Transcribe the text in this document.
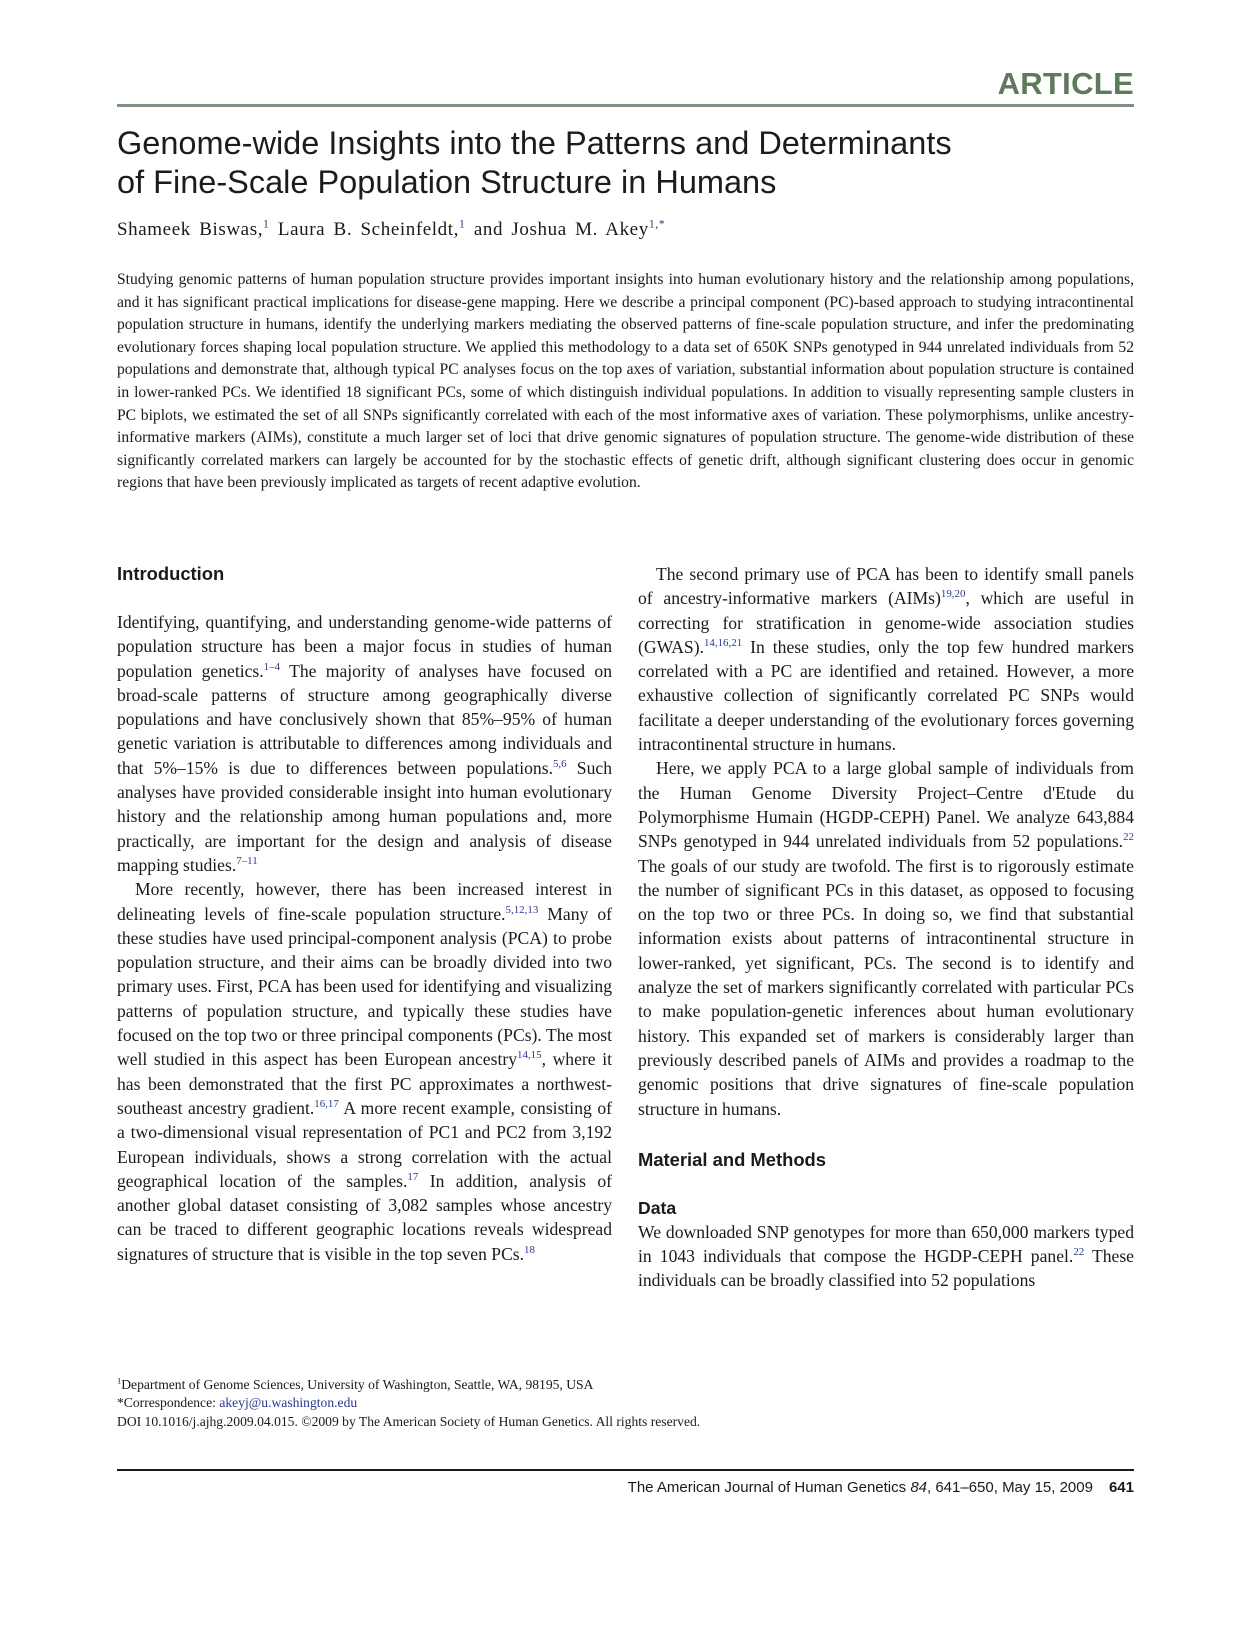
ARTICLE
Genome-wide Insights into the Patterns and Determinants
of Fine-Scale Population Structure in Humans
Shameek Biswas,$^1$ Laura B. Scheinfeldt,$^1$ and Joshua M. Akey$^{1,*}$
Studying genomic patterns of human population structure provides important insights into human evolutionary history and the relationship among populations, and it has significant practical implications for disease-gene mapping. Here we describe a principal component (PC)-based approach to studying intracontinental population structure in humans, identify the underlying markers mediating the observed patterns of fine-scale population structure, and infer the predominating evolutionary forces shaping local population structure. We applied this methodology to a data set of 650K SNPs genotyped in 944 unrelated individuals from 52 populations and demonstrate that, although typical PC analyses focus on the top axes of variation, substantial information about population structure is contained in lower-ranked PCs. We identified 18 significant PCs, some of which distinguish individual populations. In addition to visually representing sample clusters in PC biplots, we estimated the set of all SNPs significantly correlated with each of the most informative axes of variation. These polymorphisms, unlike ancestry-informative markers (AIMs), constitute a much larger set of loci that drive genomic signatures of population structure. The genome-wide distribution of these significantly correlated markers can largely be accounted for by the stochastic effects of genetic drift, although significant clustering does occur in genomic regions that have been previously implicated as targets of recent adaptive evolution.
Introduction

Identifying, quantifying, and understanding genome-wide patterns of population structure has been a major focus in studies of human population genetics.$^{1-4}$ The majority of analyses have focused on broad-scale patterns of structure among geographically diverse populations and have conclusively shown that 85%–95% of human genetic variation is attributable to differences among individuals and that 5%–15% is due to differences between populations.$^{5,6}$ Such analyses have provided considerable insight into human evolutionary history and the relationship among human populations and, more practically, are important for the design and analysis of disease mapping studies.$^{7-11}$

More recently, however, there has been increased interest in delineating levels of fine-scale population structure.$^{5,12,13}$ Many of these studies have used principal-component analysis (PCA) to probe population structure, and their aims can be broadly divided into two primary uses. First, PCA has been used for identifying and visualizing patterns of population structure, and typically these studies have focused on the top two or three principal components (PCs). The most well studied in this aspect has been European ancestry$^{14,15}$, where it has been demonstrated that the first PC approximates a northwest-southeast ancestry gradient.$^{16,17}$ A more recent example, consisting of a two-dimensional visual representation of PC1 and PC2 from 3,192 European individuals, shows a strong correlation with the actual geographical location of the samples.$^{17}$ In addition, analysis of another global dataset consisting of 3,082 samples whose ancestry can be traced to different geographic locations reveals widespread signatures of structure that is visible in the top seven PCs.$^{18}$

The second primary use of PCA has been to identify small panels of ancestry-informative markers (AIMs)$^{19,20}$, which are useful in correcting for stratification in genome-wide association studies (GWAS).$^{14,16,21}$ In these studies, only the top few hundred markers correlated with a PC are identified and retained. However, a more exhaustive collection of significantly correlated PC SNPs would facilitate a deeper understanding of the evolutionary forces governing intracontinental structure in humans.

Here, we apply PCA to a large global sample of individuals from the Human Genome Diversity Project–Centre d'Etude du Polymorphisme Humain (HGDP-CEPH) Panel. We analyze 643,884 SNPs genotyped in 944 unrelated individuals from 52 populations.$^{22}$ The goals of our study are twofold. The first is to rigorously estimate the number of significant PCs in this dataset, as opposed to focusing on the top two or three PCs. In doing so, we find that substantial information exists about patterns of intracontinental structure in lower-ranked, yet significant, PCs. The second is to identify and analyze the set of markers significantly correlated with particular PCs to make population-genetic inferences about human evolutionary history. This expanded set of markers is considerably larger than previously described panels of AIMs and provides a roadmap to the genomic positions that drive signatures of fine-scale population structure in humans.

Material and Methods
Data

We downloaded SNP genotypes for more than 650,000 markers typed in 1043 individuals that compose the HGDP-CEPH panel.$^{22}$ These individuals can be broadly classified into 52 populations

$^1$Department of Genome Sciences, University of Washington, Seattle, WA, 98195, USA
*Correspondence: akeyj@u.washington.edu
DOI 10.1016/j.ajhg.2009.04.015. ©2009 by The American Society of Human Genetics. All rights reserved.
The American Journal of Human Genetics 84, 641–650, May 15, 2009 641
